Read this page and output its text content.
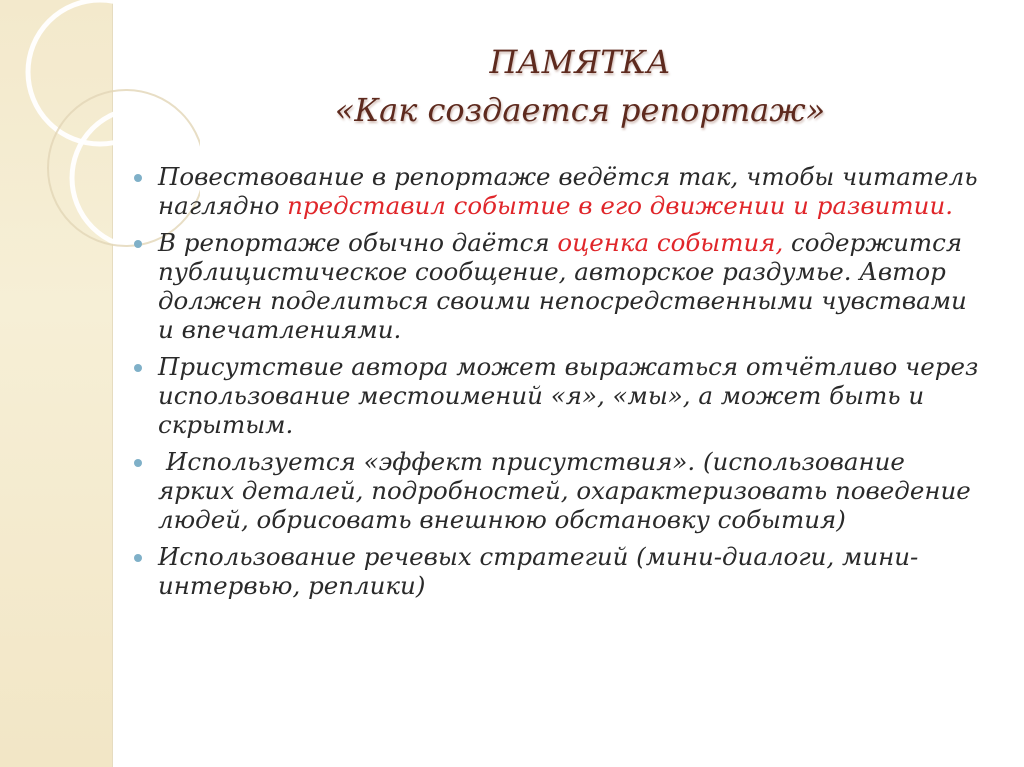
ПАМЯТКА
«Как создается репортаж»
Повествование в репортаже ведётся так, чтобы читатель наглядно представил событие в его движении и развитии.
В репортаже обычно даётся оценка события, содержится публицистическое сообщение, авторское раздумье. Автор должен поделиться своими непосредственными чувствами и впечатлениями.
Присутствие автора может выражаться отчётливо через использование местоимений «я», «мы», а может быть и скрытым.
Используется «эффект присутствия». (использование ярких деталей, подробностей, охарактеризовать поведение людей, обрисовать внешнюю обстановку события)
Использование речевых стратегий (мини-диалоги, мини-интервью, реплики)
